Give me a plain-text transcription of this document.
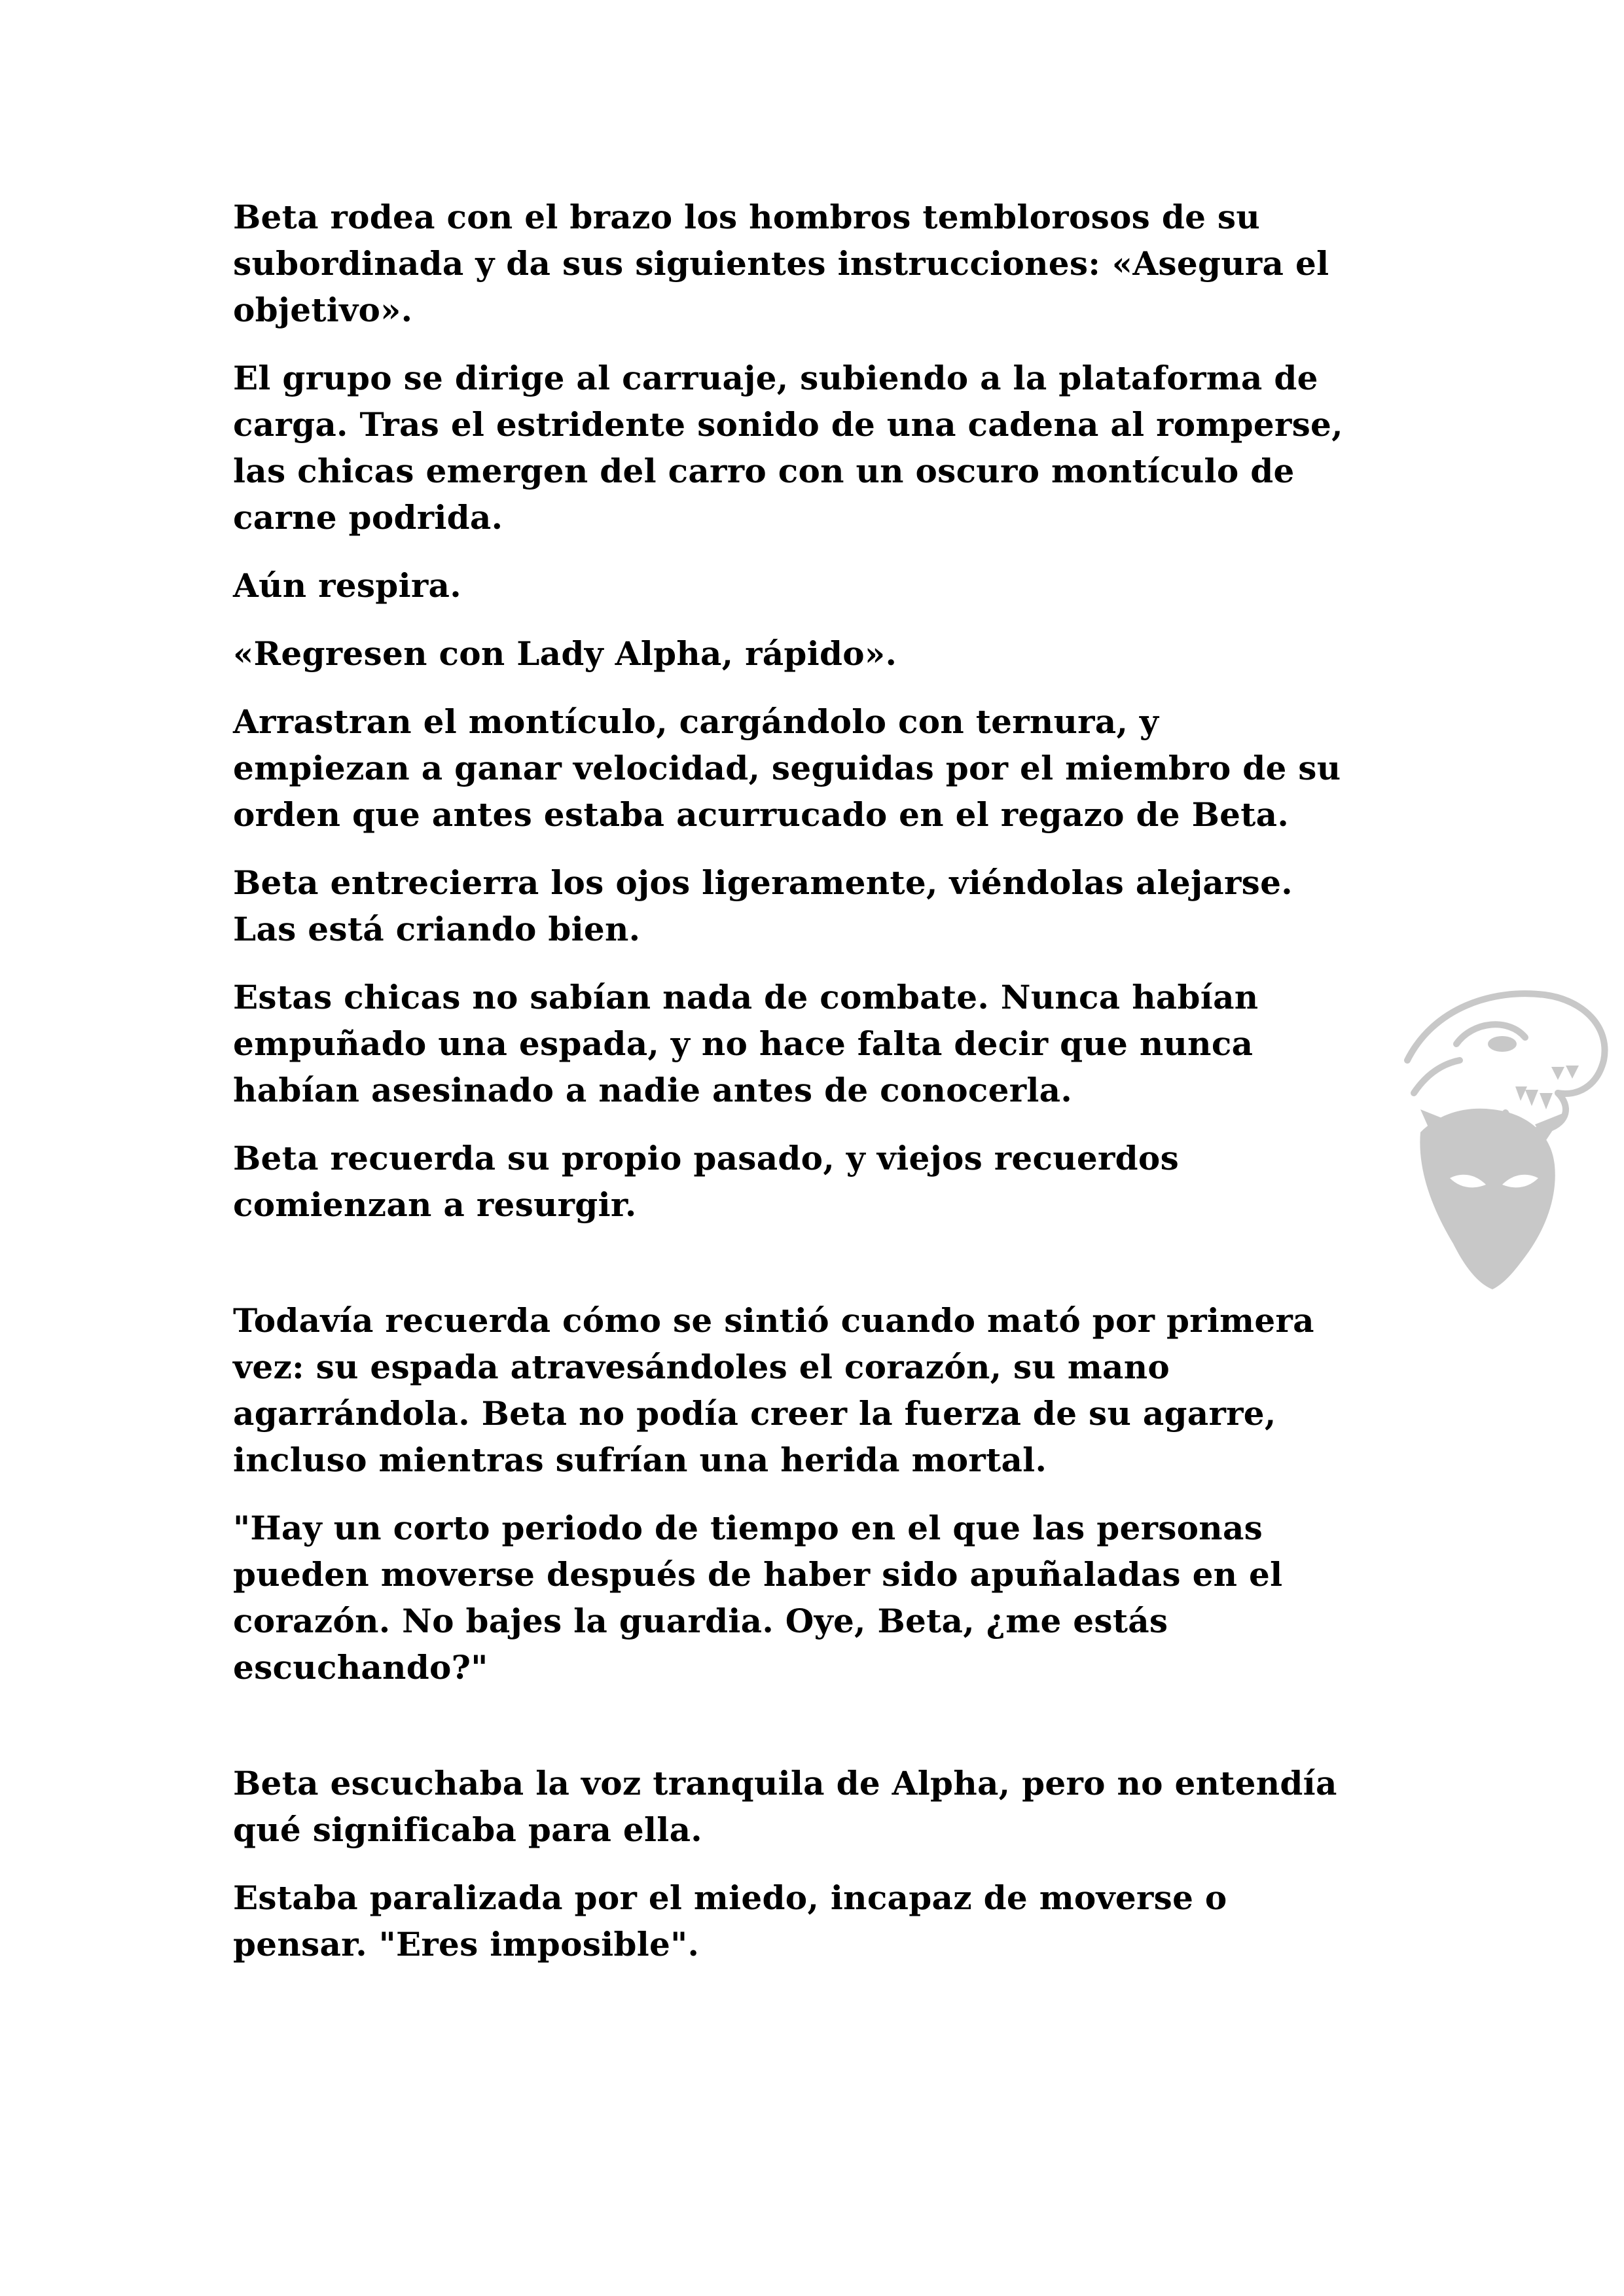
Beta rodea con el brazo los hombros temblorosos de su
subordinada y da sus siguientes instrucciones: «Asegura el
objetivo».

El grupo se dirige al carruaje, subiendo a la plataforma de
carga. Tras el estridente sonido de una cadena al romperse,
las chicas emergen del carro con un oscuro montículo de
carne podrida.

Aún respira.

«Regresen con Lady Alpha, rápido».

Arrastran el montículo, cargándolo con ternura, y
empiezan a ganar velocidad, seguidas por el miembro de su
orden que antes estaba acurrucado en el regazo de Beta.

Beta entrecierra los ojos ligeramente, viéndolas alejarse.
Las está criando bien.

Estas chicas no sabían nada de combate. Nunca habían
empuñado una espada, y no hace falta decir que nunca
habían asesinado a nadie antes de conocerla.

Beta recuerda su propio pasado, y viejos recuerdos
comienzan a resurgir.

Todavía recuerda cómo se sintió cuando mató por primera
vez: su espada atravesándoles el corazón, su mano
agarrándola. Beta no podía creer la fuerza de su agarre,
incluso mientras sufrían una herida mortal.

"Hay un corto periodo de tiempo en el que las personas
pueden moverse después de haber sido apuñaladas en el
corazón. No bajes la guardia. Oye, Beta, ¿me estás
escuchando?"

Beta escuchaba la voz tranquila de Alpha, pero no entendía
qué significaba para ella.

Estaba paralizada por el miedo, incapaz de moverse o
pensar. "Eres imposible".
